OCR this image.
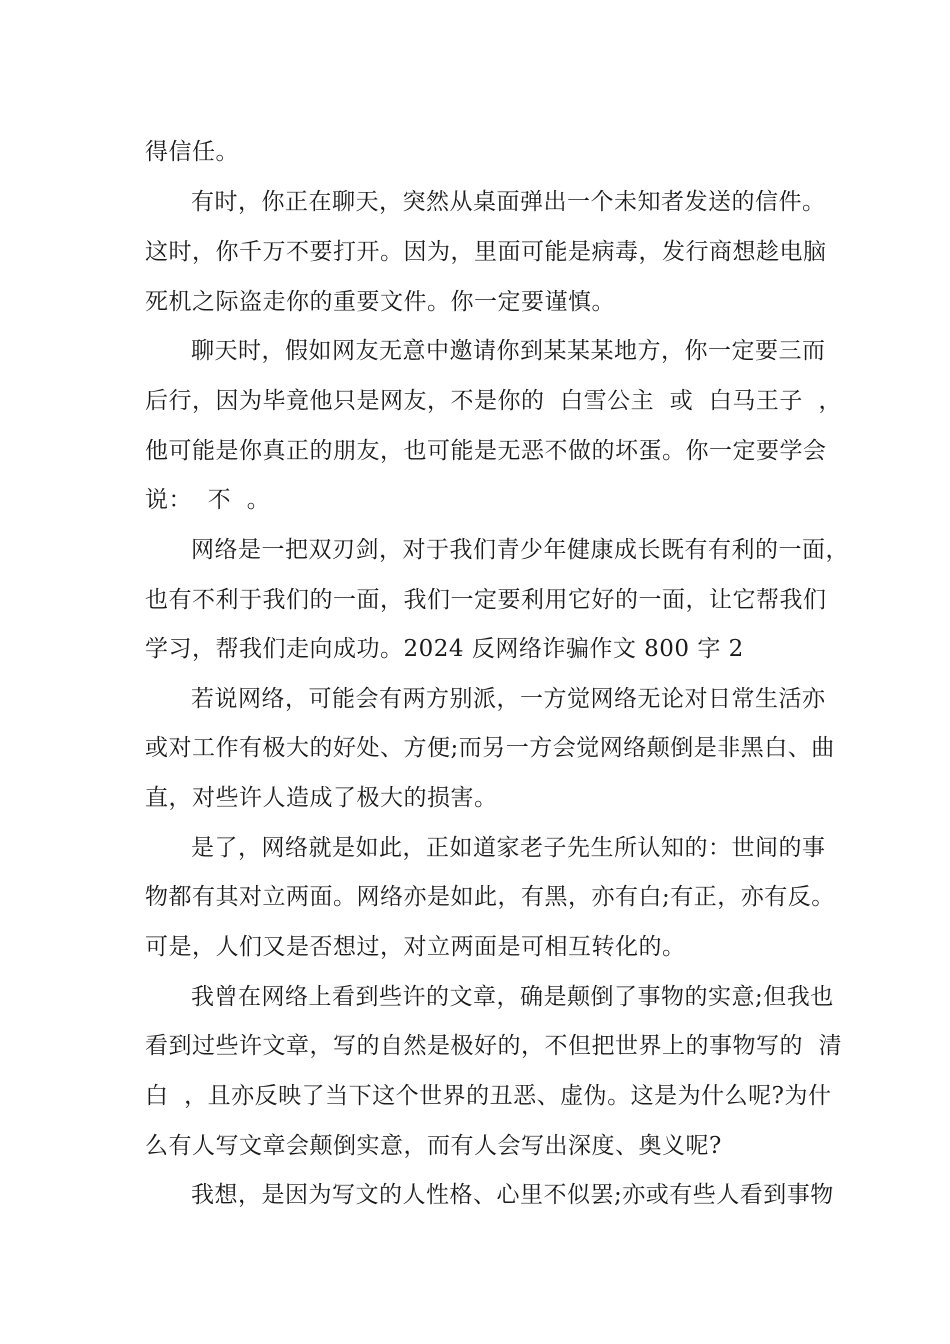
得信任。
有时，你正在聊天，突然从桌面弹出一个未知者发送的信件。
这时，你千万不要打开。因为，里面可能是病毒，发行商想趁电脑
死机之际盗走你的重要文件。你一定要谨慎。
聊天时，假如网友无意中邀请你到某某某地方，你一定要三而
后行，因为毕竟他只是网友，不是你的  白雪公主  或  白马王子  ，
他可能是你真正的朋友，也可能是无恶不做的坏蛋。你一定要学会
说：  不  。
网络是一把双刃剑，对于我们青少年健康成长既有有利的一面，
也有不利于我们的一面，我们一定要利用它好的一面，让它帮我们
学习，帮我们走向成功。2024 反网络诈骗作文 800 字 2
若说网络，可能会有两方别派，一方觉网络无论对日常生活亦
或对工作有极大的好处、方便;而另一方会觉网络颠倒是非黑白、曲
直，对些许人造成了极大的损害。
是了，网络就是如此，正如道家老子先生所认知的：世间的事
物都有其对立两面。网络亦是如此，有黑，亦有白;有正，亦有反。
可是，人们又是否想过，对立两面是可相互转化的。
我曾在网络上看到些许的文章，确是颠倒了事物的实意;但我也
看到过些许文章，写的自然是极好的，不但把世界上的事物写的  清
白  ，且亦反映了当下这个世界的丑恶、虚伪。这是为什么呢?为什
么有人写文章会颠倒实意，而有人会写出深度、奥义呢?
我想，是因为写文的人性格、心里不似罢;亦或有些人看到事物
